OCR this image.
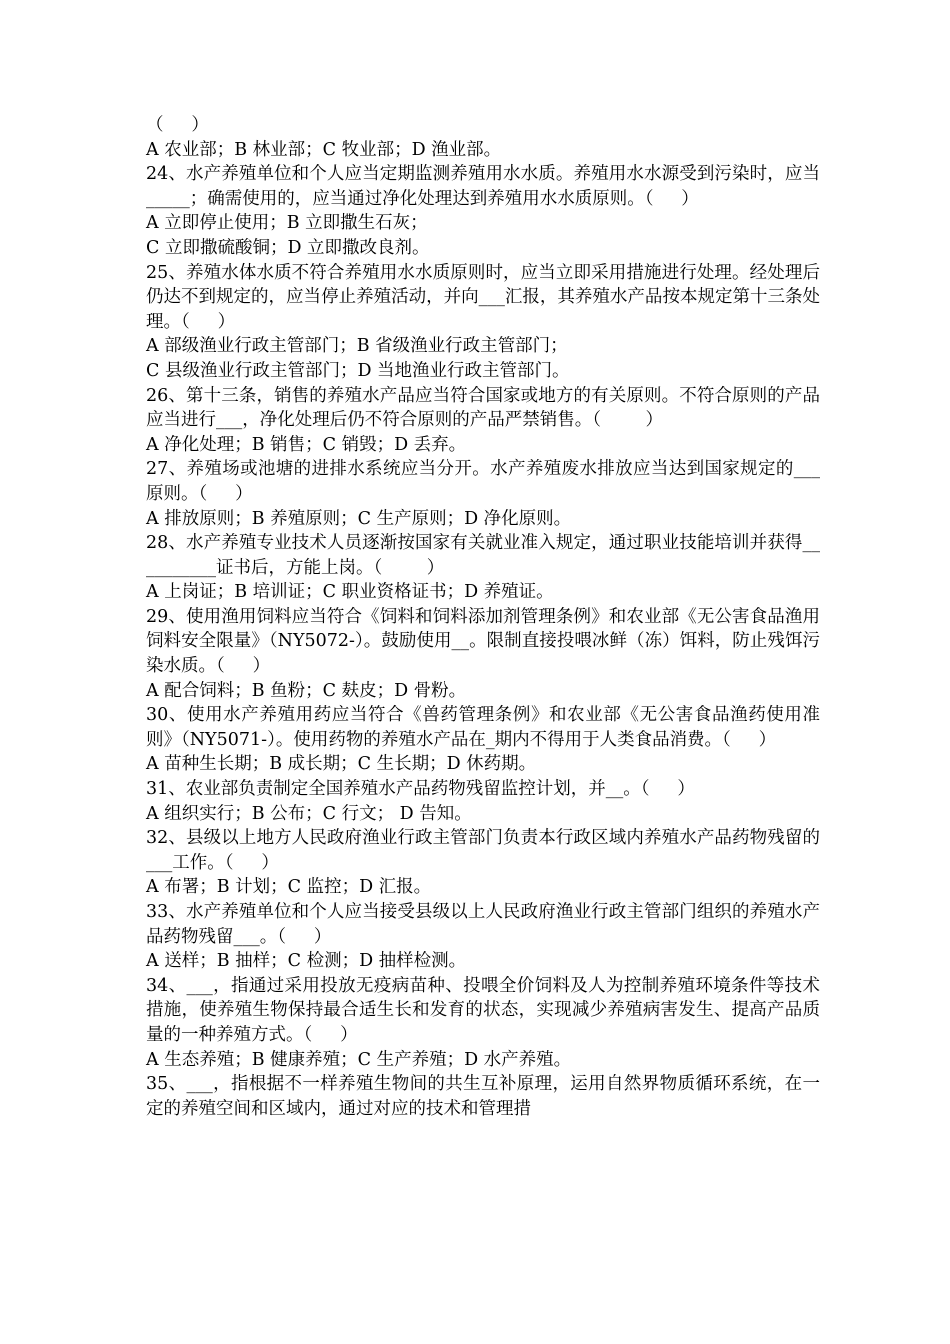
（     ）
A 农业部；B 林业部；C 牧业部；D 渔业部。
24、水产养殖单位和个人应当定期监测养殖用水水质。养殖用水水源受到污染时，应当 _____；确需使用的，应当通过净化处理达到养殖用水水质原则。（     ）
A 立即停止使用；B 立即撒生石灰；
C 立即撒硫酸铜；D 立即撒改良剂。
25、养殖水体水质不符合养殖用水水质原则时，应当立即采用措施进行处理。经处理后仍达不到规定的，应当停止养殖活动，并向___汇报，其养殖水产品按本规定第十三条处理。（     ）
A 部级渔业行政主管部门；B 省级渔业行政主管部门；
C 县级渔业行政主管部门；D 当地渔业行政主管部门。
26、第十三条，销售的养殖水产品应当符合国家或地方的有关原则。不符合原则的产品应当进行___，净化处理后仍不符合原则的产品严禁销售。（        ）
A 净化处理；B 销售；C 销毁；D 丢弃。
27、养殖场或池塘的进排水系统应当分开。水产养殖废水排放应当达到国家规定的___原则。（     ）
A 排放原则；B 养殖原则；C 生产原则；D 净化原则。
28、水产养殖专业技术人员逐渐按国家有关就业准入规定，通过职业技能培训并获得__________证书后，方能上岗。（        ）
A 上岗证；B 培训证；C 职业资格证书；D 养殖证。
29、使用渔用饲料应当符合《饲料和饲料添加剂管理条例》和农业部《无公害食品渔用饲料安全限量》（NY5072-）。鼓励使用__。限制直接投喂冰鲜（冻）饵料，防止残饵污染水质。（     ）
A 配合饲料；B 鱼粉；C 麸皮；D 骨粉。
30、使用水产养殖用药应当符合《兽药管理条例》和农业部《无公害食品渔药使用准则》（NY5071-）。使用药物的养殖水产品在_期内不得用于人类食品消费。（     ）
A 苗种生长期；B 成长期；C 生长期；D 休药期。
31、农业部负责制定全国养殖水产品药物残留监控计划，并__。（     ）
A 组织实行；B 公布；C 行文； D 告知。
32、县级以上地方人民政府渔业行政主管部门负责本行政区域内养殖水产品药物残留的___工作。（     ）
A 布署；B 计划；C 监控；D 汇报。
33、水产养殖单位和个人应当接受县级以上人民政府渔业行政主管部门组织的养殖水产品药物残留___。（     ）
A 送样；B 抽样；C 检测；D 抽样检测。
34、___，指通过采用投放无疫病苗种、投喂全价饲料及人为控制养殖环境条件等技术措施，使养殖生物保持最合适生长和发育的状态，实现减少养殖病害发生、提高产品质量的一种养殖方式。（     ）
A 生态养殖；B 健康养殖；C 生产养殖；D 水产养殖。
35、___，指根据不一样养殖生物间的共生互补原理，运用自然界物质循环系统，在一定的养殖空间和区域内，通过对应的技术和管理措
